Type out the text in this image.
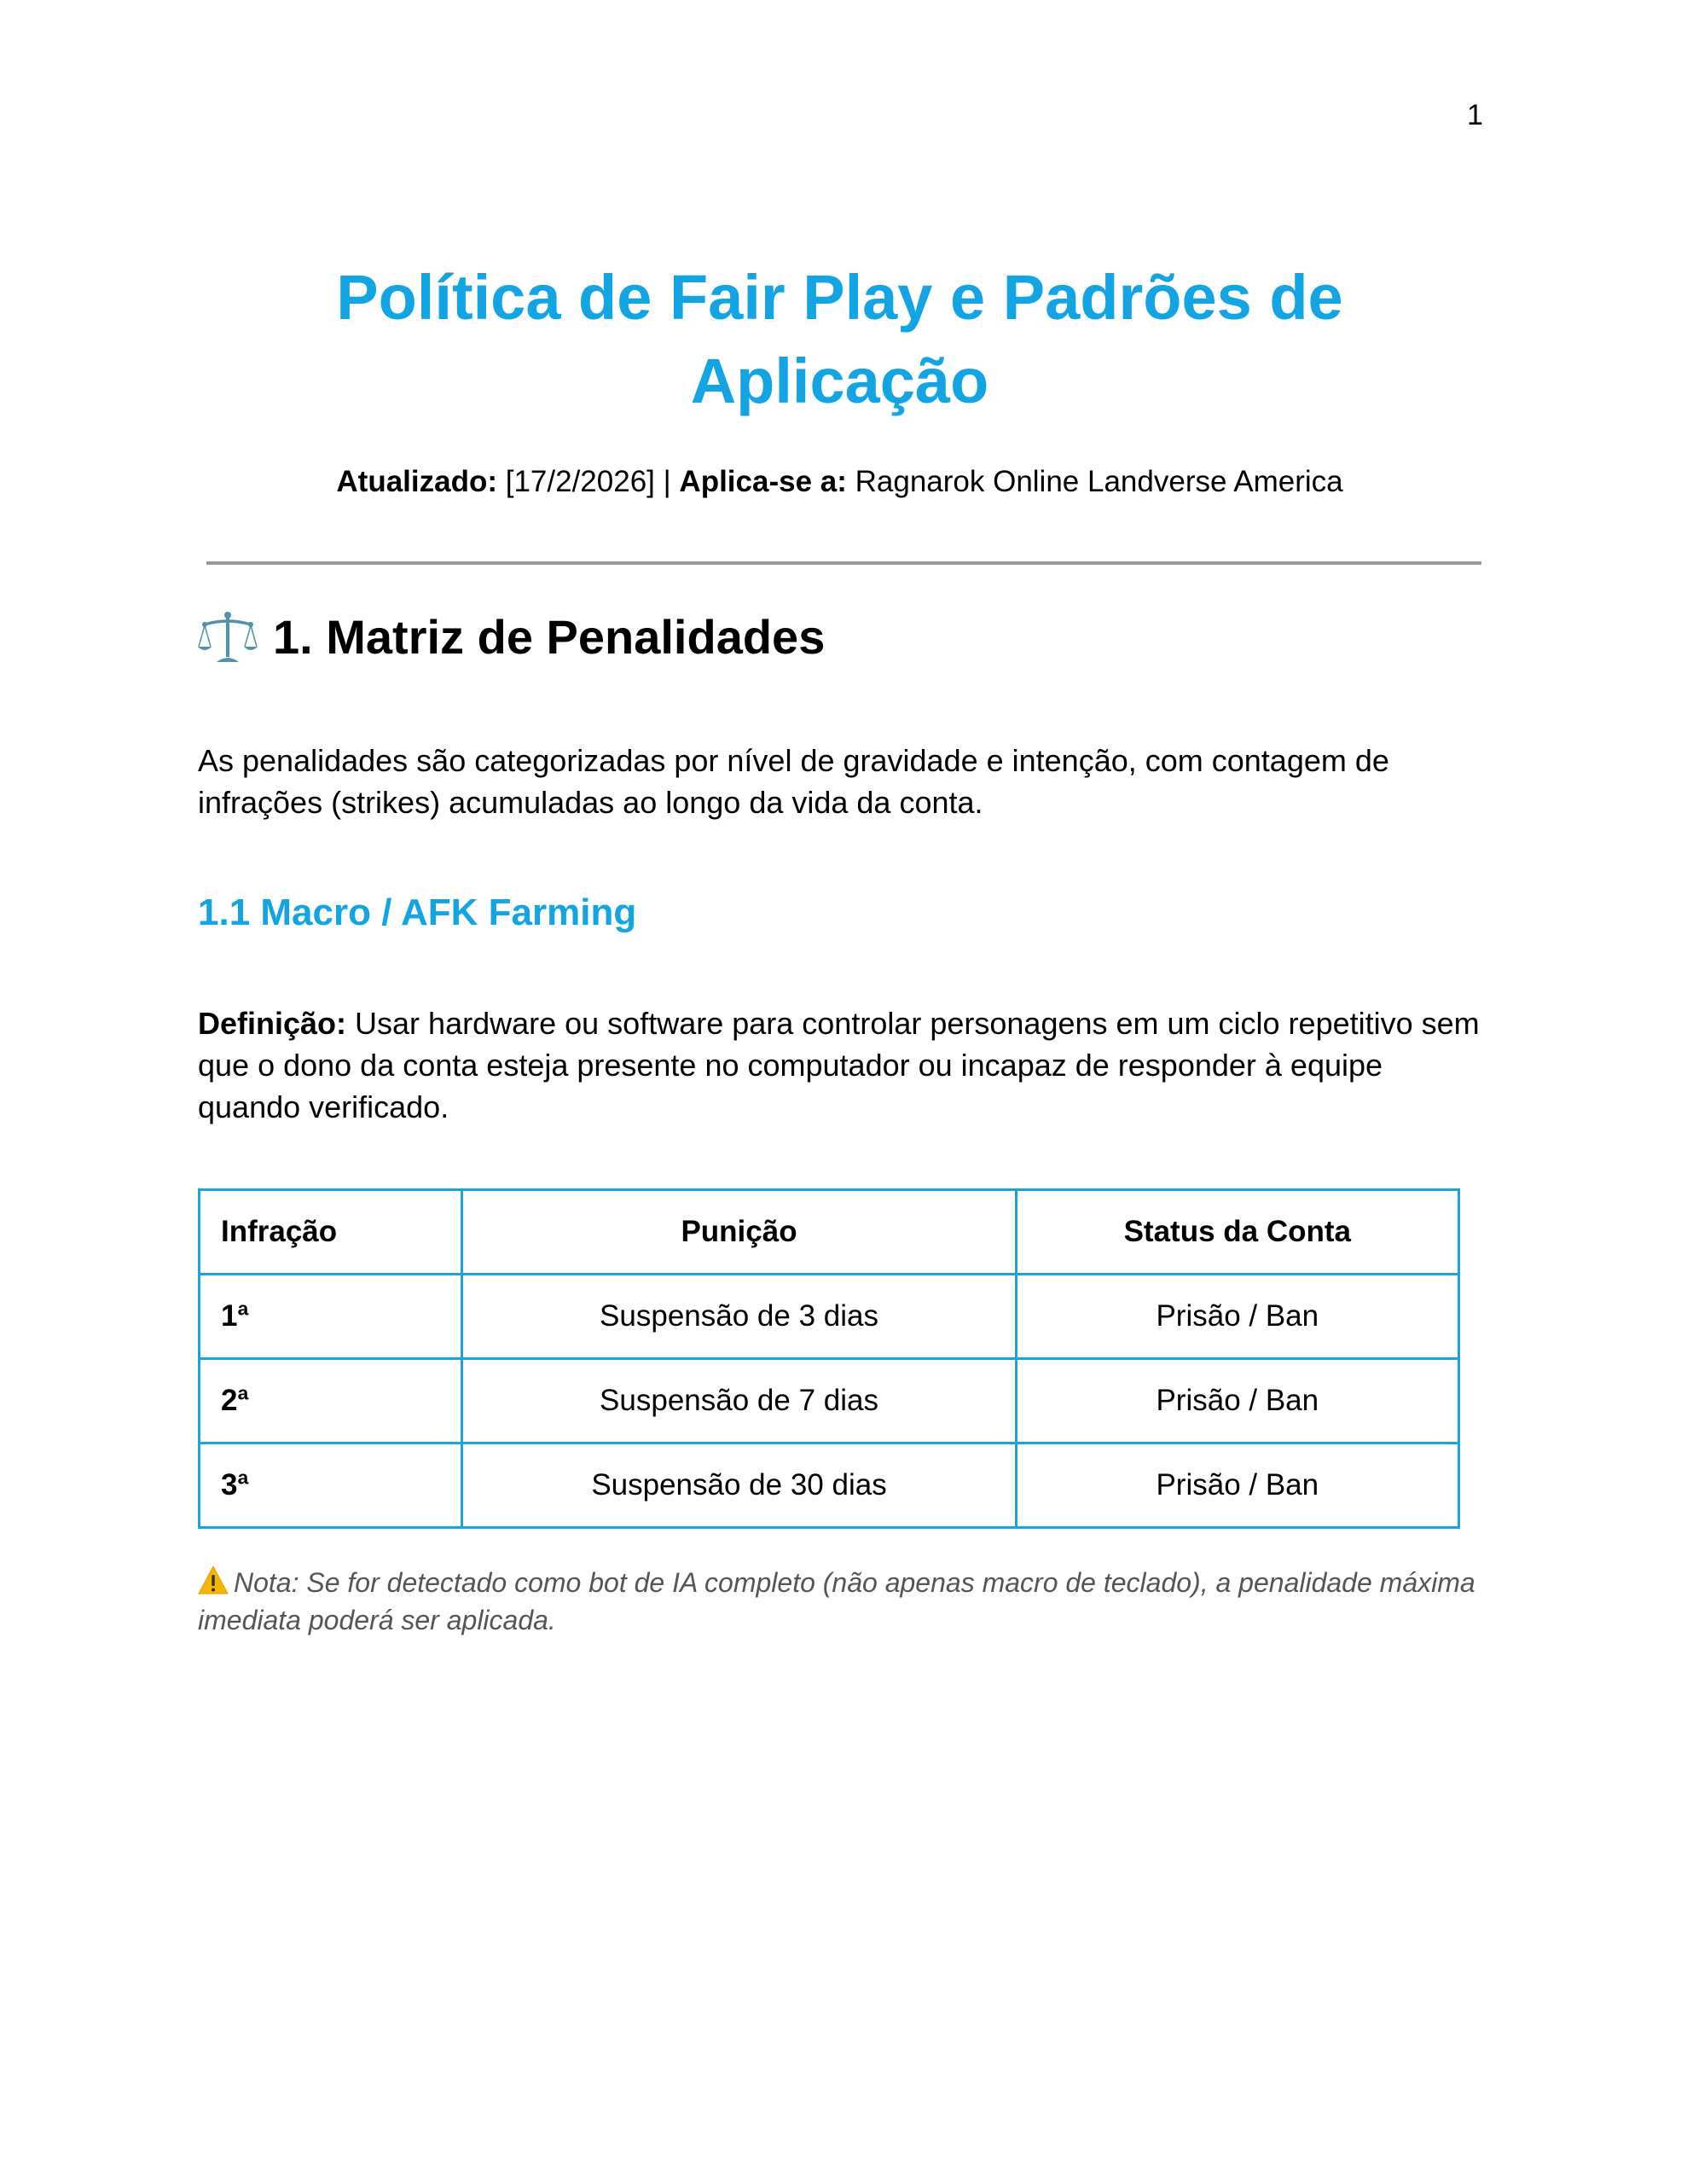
1
Política de Fair Play e Padrões de Aplicação
Atualizado: [17/2/2026] | Aplica-se a: Ragnarok Online Landverse America
1. Matriz de Penalidades

As penalidades são categorizadas por nível de gravidade e intenção, com contagem de infrações (strikes) acumuladas ao longo da vida da conta.

1.1 Macro / AFK Farming

Definição: Usar hardware ou software para controlar personagens em um ciclo repetitivo sem que o dono da conta esteja presente no computador ou incapaz de responder à equipe quando verificado.

Infração	Punição	Status da Conta
1ª	Suspensão de 3 dias	Prisão / Ban
2ª	Suspensão de 7 dias	Prisão / Ban
3ª	Suspensão de 30 dias	Prisão / Ban

Nota: Se for detectado como bot de IA completo (não apenas macro de teclado), a penalidade máxima imediata poderá ser aplicada.
